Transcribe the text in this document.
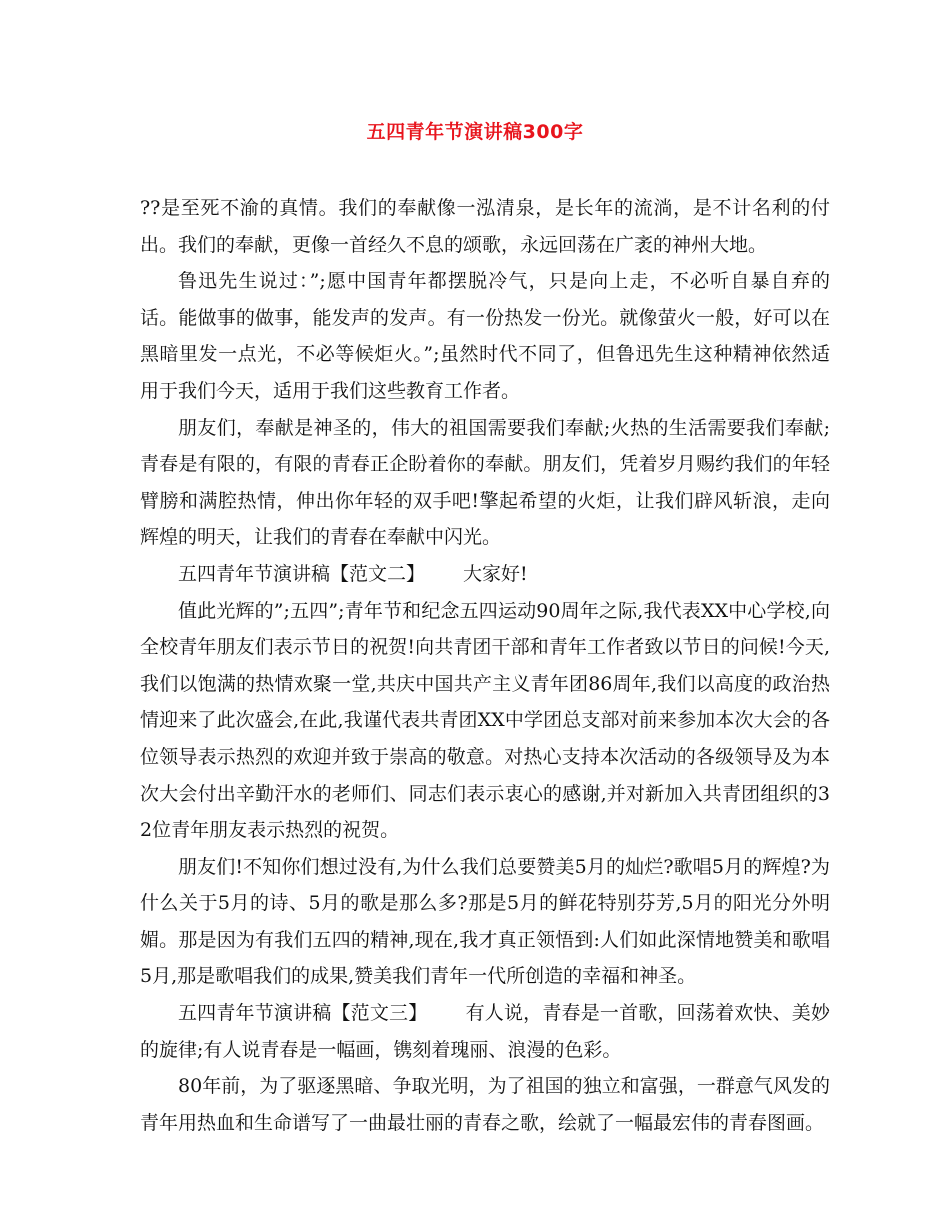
五四青年节演讲稿300字

??是至死不渝的真情。我们的奉献像一泓清泉，是长年的流淌，是不计名利的付出。我们的奉献，更像一首经久不息的颂歌，永远回荡在广袤的神州大地。

鲁迅先生说过：”;愿中国青年都摆脱冷气，只是向上走，不必听自暴自弃的话。能做事的做事，能发声的发声。有一份热发一份光。就像萤火一般，好可以在黑暗里发一点光，不必等候炬火。”;虽然时代不同了，但鲁迅先生这种精神依然适用于我们今天，适用于我们这些教育工作者。

朋友们，奉献是神圣的，伟大的祖国需要我们奉献;火热的生活需要我们奉献;青春是有限的，有限的青春正企盼着你的奉献。朋友们，凭着岁月赐约我们的年轻臂膀和满腔热情，伸出你年轻的双手吧!擎起希望的火炬，让我们辟风斩浪，走向辉煌的明天，让我们的青春在奉献中闪光。

五四青年节演讲稿【范文二】 大家好!

值此光辉的”;五四”;青年节和纪念五四运动90周年之际,我代表XX中心学校,向全校青年朋友们表示节日的祝贺!向共青团干部和青年工作者致以节日的问候!今天,我们以饱满的热情欢聚一堂,共庆中国共产主义青年团86周年,我们以高度的政治热情迎来了此次盛会,在此,我谨代表共青团XX中学团总支部对前来参加本次大会的各位领导表示热烈的欢迎并致于崇高的敬意。对热心支持本次活动的各级领导及为本次大会付出辛勤汗水的老师们、同志们表示衷心的感谢,并对新加入共青团组织的32位青年朋友表示热烈的祝贺。

朋友们!不知你们想过没有,为什么我们总要赞美5月的灿烂?歌唱5月的辉煌?为什么关于5月的诗、5月的歌是那么多?那是5月的鲜花特别芬芳,5月的阳光分外明媚。那是因为有我们五四的精神,现在,我才真正领悟到:人们如此深情地赞美和歌唱5月,那是歌唱我们的成果,赞美我们青年一代所创造的幸福和神圣。

五四青年节演讲稿【范文三】 有人说，青春是一首歌，回荡着欢快、美妙的旋律;有人说青春是一幅画，镌刻着瑰丽、浪漫的色彩。

80年前，为了驱逐黑暗、争取光明，为了祖国的独立和富强，一群意气风发的青年用热血和生命谱写了一曲最壮丽的青春之歌，绘就了一幅最宏伟的青春图画。
